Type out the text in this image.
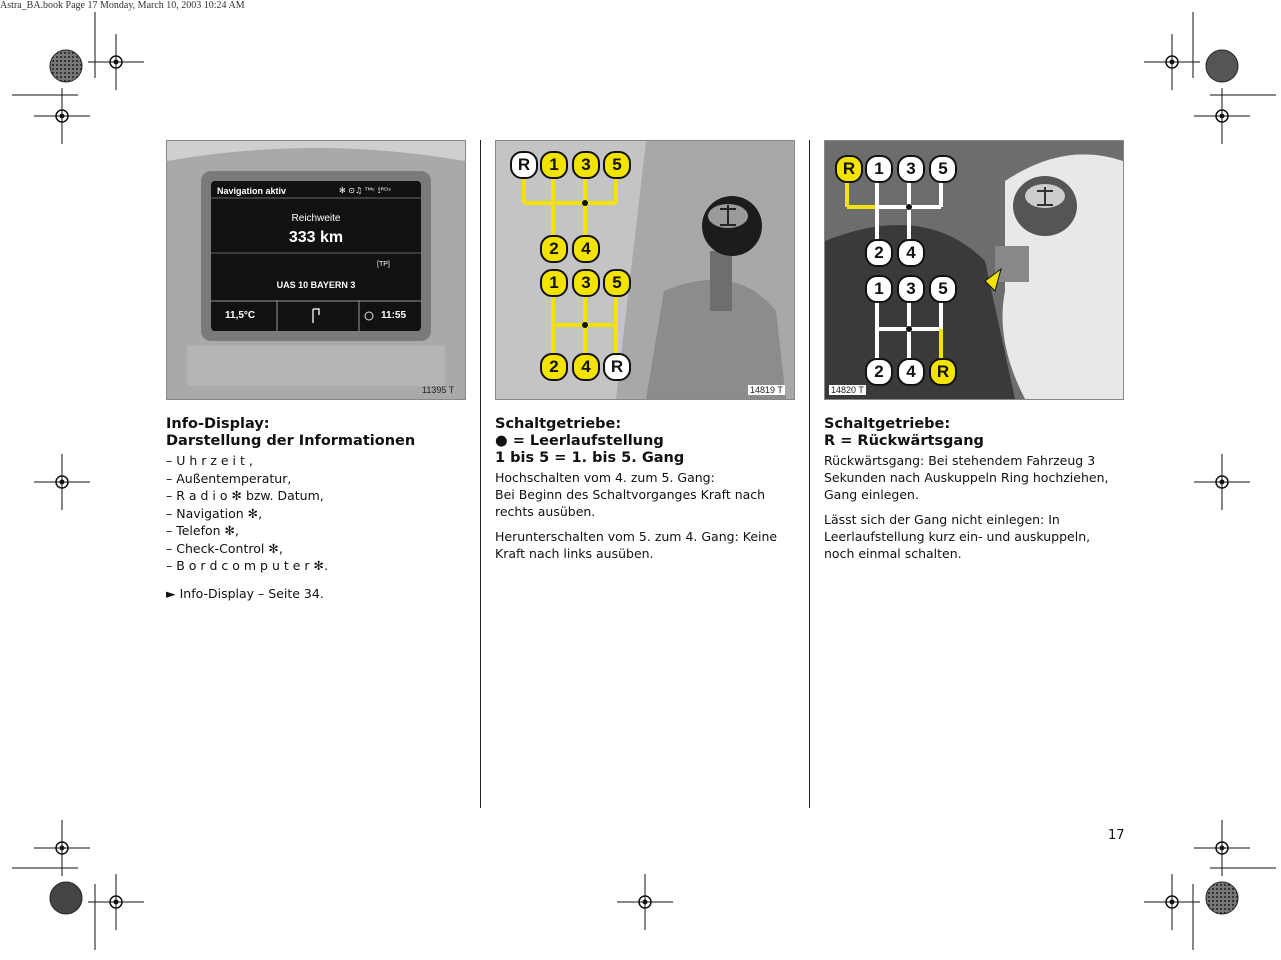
Astra_BA.book Page 17 Monday, March 10, 2003 10:24 AM
Navigation aktiv	✻ ⊙♫ ᵀᴹᶜ ⟟ᴿᴰˢ
Reichweite
333 km
[TP]
UAS 10 BAYERN 3
11,5°C	11:55
11395 T
R	1	3	5
2	4
1	3	5
2	4	R
14819 T
R	1	3	5
2	4
1	3	5
2	4	R
14820 T
Info-Display:
Darstellung der Informationen
– U h r z e i t ,
– Außentemperatur,
– R a d i o ✻ bzw. Datum,
– Navigation ✻,
– Telefon ✻,
– Check-Control ✻,
– B o r d c o m p u t e r ✻.

► Info-Display – Seite 34.

Schaltgetriebe:
● = Leerlaufstellung
1 bis 5 = 1. bis 5. Gang

Hochschalten vom 4. zum 5. Gang:

Bei Beginn des Schaltvorganges Kraft nach rechts ausüben.

Herunterschalten vom 5. zum 4. Gang: Keine Kraft nach links ausüben.

Schaltgetriebe:
R = Rückwärtsgang

Rückwärtsgang: Bei stehendem Fahrzeug 3 Sekunden nach Auskuppeln Ring hochziehen, Gang einlegen.

Lässt sich der Gang nicht einlegen: In Leerlaufstellung kurz ein- und auskuppeln, noch einmal schalten.

17
